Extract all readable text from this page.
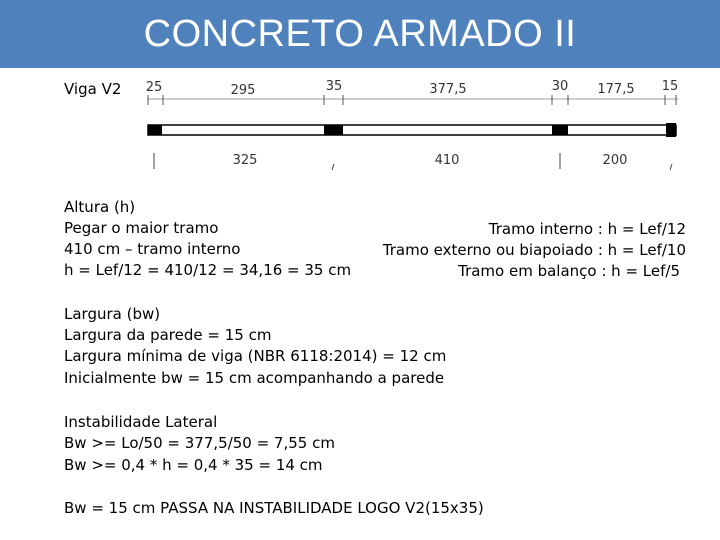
CONCRETO ARMADO II
Viga V2 25	295	35	377,5	30 177,5 15
325	410	200
Altura (h)
Pegar o maior tramo
410 cm – tramo interno
h = Lef/12 = 410/12 = 34,16 = 35 cm
Tramo interno : h = Lef/12
Tramo externo ou biapoiado : h = Lef/10
Tramo em balanço : h = Lef/5
Largura (bw)
Largura da parede = 15 cm
Largura mínima de viga (NBR 6118:2014) = 12 cm
Inicialmente bw = 15 cm acompanhando a parede
Instabilidade Lateral
Bw >= Lo/50 = 377,5/50 = 7,55 cm
Bw >= 0,4 * h = 0,4 * 35 = 14 cm
Bw = 15 cm PASSA NA INSTABILIDADE LOGO V2(15x35)
